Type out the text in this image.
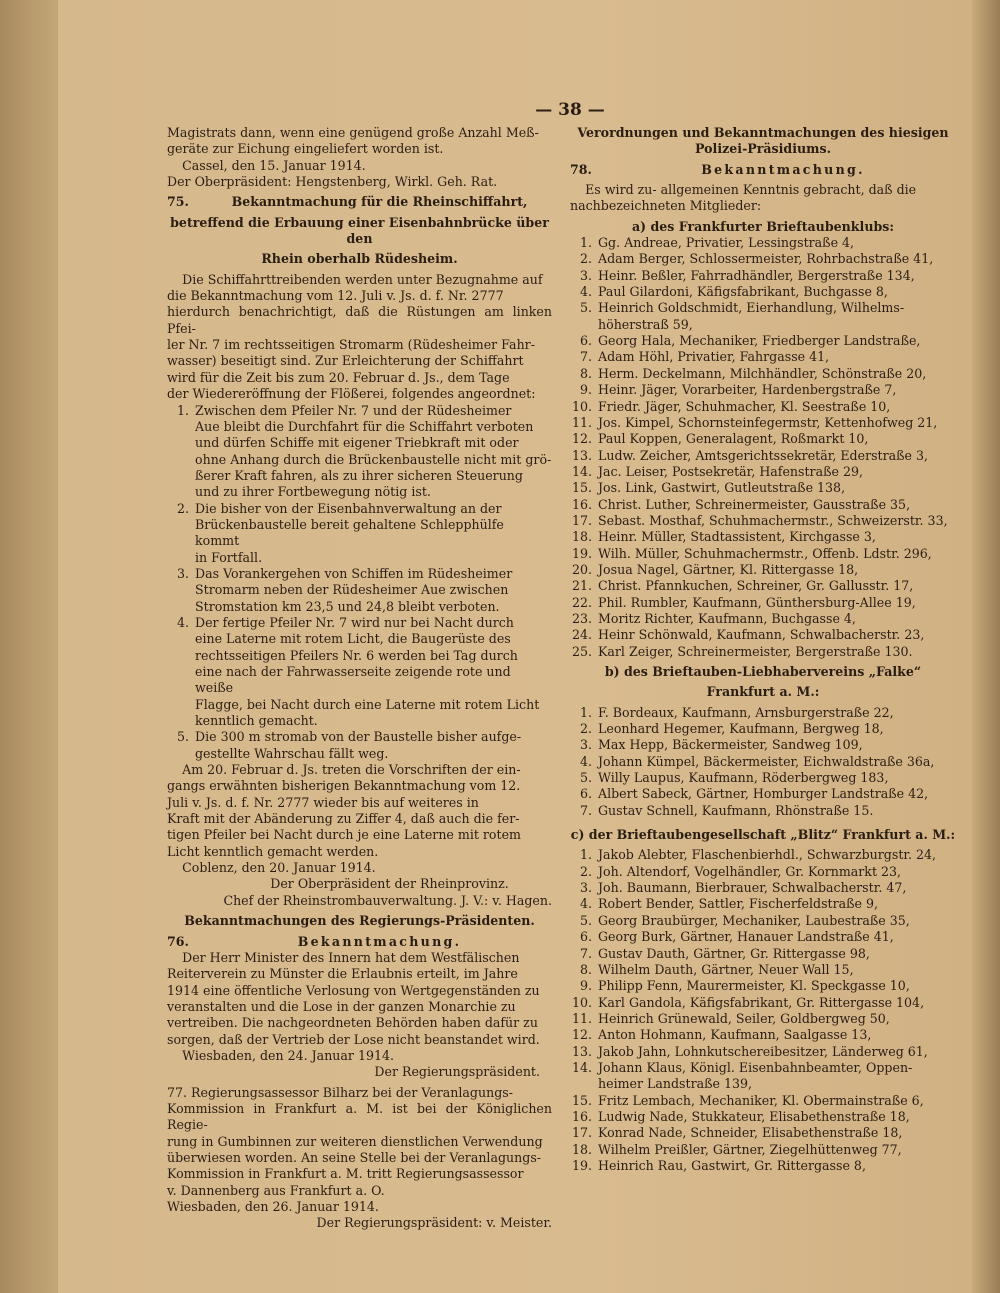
— 38 —

Magistrats dann, wenn eine genügend große Anzahl Meß-

geräte zur Eichung eingeliefert worden ist.

Cassel, den 15. Januar 1914.

Der Oberpräsident: Hengstenberg, Wirkl. Geh. Rat.

75.	Bekanntmachung für die Rheinschiffahrt,

betreffend die Erbauung einer Eisenbahnbrücke über den

Rhein oberhalb Rüdesheim.

Die Schiffahrttreibenden werden unter Bezugnahme auf

die Bekanntmachung vom 12. Juli v. Js. d. f. Nr. 2777

hierdurch benachrichtigt, daß die Rüstungen am linken Pfei-

ler Nr. 7 im rechtsseitigen Stromarm (Rüdesheimer Fahr-

wasser) beseitigt sind. Zur Erleichterung der Schiffahrt

wird für die Zeit bis zum 20. Februar d. Js., dem Tage

der Wiedereröffnung der Flößerei, folgendes angeordnet:

1. Zwischen dem Pfeiler Nr. 7 und der Rüdesheimer
Aue bleibt die Durchfahrt für die Schiffahrt verboten
und dürfen Schiffe mit eigener Triebkraft mit oder
ohne Anhang durch die Brückenbaustelle nicht mit grö-
ßerer Kraft fahren, als zu ihrer sicheren Steuerung
und zu ihrer Fortbewegung nötig ist.
2. Die bisher von der Eisenbahnverwaltung an der
Brückenbaustelle bereit gehaltene Schlepphülfe kommt
in Fortfall.
3. Das Vorankergehen von Schiffen im Rüdesheimer
Stromarm neben der Rüdesheimer Aue zwischen
Stromstation km 23,5 und 24,8 bleibt verboten.
4. Der fertige Pfeiler Nr. 7 wird nur bei Nacht durch
eine Laterne mit rotem Licht, die Baugerüste des
rechtsseitigen Pfeilers Nr. 6 werden bei Tag durch
eine nach der Fahrwasserseite zeigende rote und weiße
Flagge, bei Nacht durch eine Laterne mit rotem Licht
kenntlich gemacht.
5. Die 300 m stromab von der Baustelle bisher aufge-
gestellte Wahrschau fällt weg.

Am 20. Februar d. Js. treten die Vorschriften der ein-

gangs erwähnten bisherigen Bekanntmachung vom 12.

Juli v. Js. d. f. Nr. 2777 wieder bis auf weiteres in

Kraft mit der Abänderung zu Ziffer 4, daß auch die fer-

tigen Pfeiler bei Nacht durch je eine Laterne mit rotem

Licht kenntlich gemacht werden.

Coblenz, den 20. Januar 1914.

Der Oberpräsident der Rheinprovinz.

Chef der Rheinstrombauverwaltung. J. V.: v. Hagen.

Bekanntmachungen des Regierungs-Präsidenten.

76.	Bekanntmachung.

Der Herr Minister des Innern hat dem Westfälischen

Reiterverein zu Münster die Erlaubnis erteilt, im Jahre

1914 eine öffentliche Verlosung von Wertgegenständen zu

veranstalten und die Lose in der ganzen Monarchie zu

vertreiben. Die nachgeordneten Behörden haben dafür zu

sorgen, daß der Vertrieb der Lose nicht beanstandet wird.

Wiesbaden, den 24. Januar 1914.

Der Regierungspräsident.

77. Regierungsassessor Bilharz bei der Veranlagungs-

Kommission in Frankfurt a. M. ist bei der Königlichen Regie-

rung in Gumbinnen zur weiteren dienstlichen Verwendung

überwiesen worden. An seine Stelle bei der Veranlagungs-

Kommission in Frankfurt a. M. tritt Regierungsassessor

v. Dannenberg aus Frankfurt a. O.

Wiesbaden, den 26. Januar 1914.

Der Regierungspräsident: v. Meister.

Verordnungen und Bekanntmachungen des hiesigen

Polizei-Präsidiums.

78.	Bekanntmachung.

Es wird zu- allgemeinen Kenntnis gebracht, daß die

nachbezeichneten Mitglieder:

a) des Frankfurter Brieftaubenklubs:

1. Gg. Andreae, Privatier, Lessingstraße 4,
2. Adam Berger, Schlossermeister, Rohrbachstraße 41,
3. Heinr. Beßler, Fahrradhändler, Bergerstraße 134,
4. Paul Gilardoni, Käfigsfabrikant, Buchgasse 8,
5. Heinrich Goldschmidt, Eierhandlung, Wilhelms-
höherstraß 59,
6. Georg Hala, Mechaniker, Friedberger Landstraße,
7. Adam Höhl, Privatier, Fahrgasse 41,
8. Herm. Deckelmann, Milchhändler, Schönstraße 20,
9. Heinr. Jäger, Vorarbeiter, Hardenbergstraße 7,
10. Friedr. Jäger, Schuhmacher, Kl. Seestraße 10,
11. Jos. Kimpel, Schornsteinfegermstr, Kettenhofweg 21,
12. Paul Koppen, Generalagent, Roßmarkt 10,
13. Ludw. Zeicher, Amtsgerichtssekretär, Ederstraße 3,
14. Jac. Leiser, Postsekretär, Hafenstraße 29,
15. Jos. Link, Gastwirt, Gutleutstraße 138,
16. Christ. Luther, Schreinermeister, Gausstraße 35,
17. Sebast. Mosthaf, Schuhmachermstr., Schweizerstr. 33,
18. Heinr. Müller, Stadtassistent, Kirchgasse 3,
19. Wilh. Müller, Schuhmachermstr., Offenb. Ldstr. 296,
20. Josua Nagel, Gärtner, Kl. Rittergasse 18,
21. Christ. Pfannkuchen, Schreiner, Gr. Gallusstr. 17,
22. Phil. Rumbler, Kaufmann, Günthersburg-Allee 19,
23. Moritz Richter, Kaufmann, Buchgasse 4,
24. Heinr Schönwald, Kaufmann, Schwalbacherstr. 23,
25. Karl Zeiger, Schreinermeister, Bergerstraße 130.

b) des Brieftauben-Liebhabervereins „Falke“

Frankfurt a. M.:

1. F. Bordeaux, Kaufmann, Arnsburgerstraße 22,
2. Leonhard Hegemer, Kaufmann, Bergweg 18,
3. Max Hepp, Bäckermeister, Sandweg 109,
4. Johann Kümpel, Bäckermeister, Eichwaldstraße 36a,
5. Willy Laupus, Kaufmann, Röderbergweg 183,
6. Albert Sabeck, Gärtner, Homburger Landstraße 42,
7. Gustav Schnell, Kaufmann, Rhönstraße 15.

c) der Brieftaubengesellschaft „Blitz“ Frankfurt a. M.:

1. Jakob Alebter, Flaschenbierhdl., Schwarzburgstr. 24,
2. Joh. Altendorf, Vogelhändler, Gr. Kornmarkt 23,
3. Joh. Baumann, Bierbrauer, Schwalbacherstr. 47,
4. Robert Bender, Sattler, Fischerfeldstraße 9,
5. Georg Braubürger, Mechaniker, Laubestraße 35,
6. Georg Burk, Gärtner, Hanauer Landstraße 41,
7. Gustav Dauth, Gärtner, Gr. Rittergasse 98,
8. Wilhelm Dauth, Gärtner, Neuer Wall 15,
9. Philipp Fenn, Maurermeister, Kl. Speckgasse 10,
10. Karl Gandola, Käfigsfabrikant, Gr. Rittergasse 104,
11. Heinrich Grünewald, Seiler, Goldbergweg 50,
12. Anton Hohmann, Kaufmann, Saalgasse 13,
13. Jakob Jahn, Lohnkutschereibesitzer, Länderweg 61,
14. Johann Klaus, Königl. Eisenbahnbeamter, Oppen-
heimer Landstraße 139,
15. Fritz Lembach, Mechaniker, Kl. Obermainstraße 6,
16. Ludwig Nade, Stukkateur, Elisabethenstraße 18,
17. Konrad Nade, Schneider, Elisabethenstraße 18,
18. Wilhelm Preißler, Gärtner, Ziegelhüttenweg 77,
19. Heinrich Rau, Gastwirt, Gr. Rittergasse 8,
